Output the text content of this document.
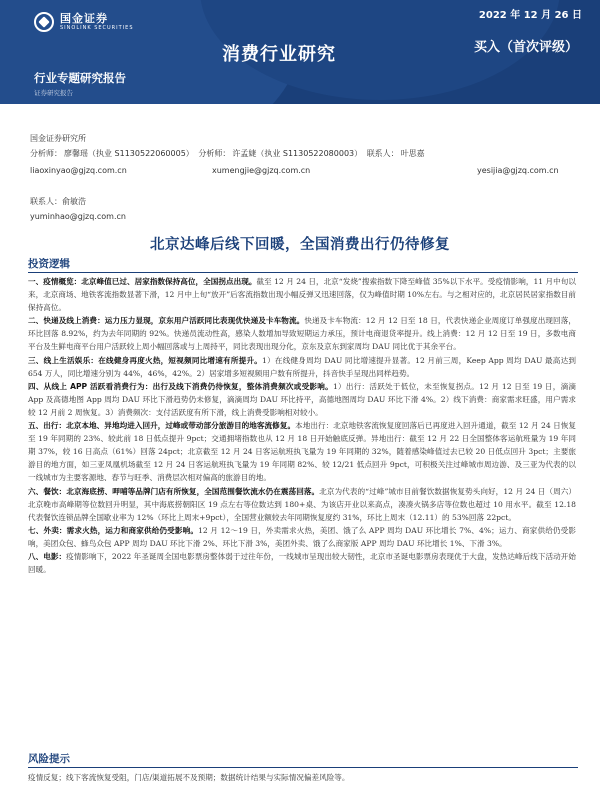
国金证券
SINOLINK SECURITIES
2022 年 12 月 26 日
消费行业研究	买入（首次评级）
行业专题研究报告
证券研究报告
国金证券研究所
分析师： 廖馨瑶（执业 S1130522060005） 分析师： 许孟婕（执业 S1130522080003） 联系人： 叶思嘉
liaoxinyao@gjzq.com.cn	xumengjie@gjzq.com.cn	yesijia@gjzq.com.cn
联系人：俞敏浩
yuminhao@gjzq.com.cn
北京达峰后线下回暖，全国消费出行仍待修复
投资逻辑

一、疫情概览：北京峰值已过、居家指数保持高位，全国拐点出现。截至 12 月 24 日，北京“发烧”搜索指数下降至峰值 35%以下水平。受疫情影响，11 月中旬以来，北京商场、地铁客流指数显著下滑，12 月中上旬“放开”后客流指数出现小幅反弹又迅速回落，仅为峰值时期 10%左右。与之相对应的，北京居民居家指数目前保持高位。

二、快递及线上消费：运力压力显现，京东用户活跃同比表现优快递及卡车物流。快递及卡车物流：12 月 12 日至 18 日，代表快递企业周度订单强度出现回落，环比回落 8.92%，约为去年同期的 92%。快递员流动性高，感染人数增加导致短期运力承压，预计电商退货率提升。线上消费：12 月 12 日至 19 日，多数电商平台及生鲜电商平台用户活跃较上周小幅回落或与上周持平，同比表现出现分化，京东及京东到家周均 DAU 同比优于其余平台。

三、线上生活娱乐：在线健身再度火热，短视频同比增速有所提升。1）在线健身周均 DAU 同比增速提升显著。12 月前三周，Keep App 周均 DAU 最高达到 654 万人，同比增速分别为 44%，46%，42%。2）居家增多短视频用户数有所提升，抖音快手呈现出同样趋势。

四、从线上 APP 活跃看消费行为：出行及线下消费仍待恢复，整体消费频次或受影响。1）出行：活跃处于低位，未至恢复拐点。12 月 12 日至 19 日，滴滴 App 及高德地图 App 周均 DAU 环比下滑趋势仍未修复，滴滴周均 DAU 环比持平，高德地图周均 DAU 环比下滑 4%。2）线下消费：商家需求旺盛，用户需求较 12 月前 2 周恢复。3）消费频次：支付活跃度有所下滑，线上消费受影响相对较小。

五、出行：北京本地、异地均进入回升，过峰或带动部分旅游目的地客流修复。本地出行：北京地铁客流恢复度回落后已再度进入回升通道，截至 12 月 24 日恢复至 19 年同期的 23%、较此前 18 日低点提升 9pct；交通拥堵指数也从 12 月 18 日开始触底反弹。异地出行：截至 12 月 22 日全国整体客运航班量为 19 年同期 37%，较 16 日高点（61%）回落 24pct；北京截至 12 月 24 日客运航班执飞量为 19 年同期的 32%，随着感染峰值过去已较 20 日低点回升 3pct；主要旅游目的地方面，如三亚凤凰机场截至 12 月 24 日客运航班执飞量为 19 年同期 82%、较 12/21 低点回升 9pct，可积极关注过峰城市周边游、及三亚为代表的以一线城市为主要客源地、春节与旺季、消费层次相对偏高的旅游目的地。

六、餐饮：北京海底捞、呷哺等品牌门店有所恢复，全国范围餐饮流水仍在震荡回落。北京为代表的“过峰”城市目前餐饮数据恢复势头向好，12 月 24 日（周六）北京晚市高峰期等位数回升明显，其中海底捞朝阳区 19 点左右等位数达到 180+桌、为该店开业以来高点，凑凑火锅多店等位数也超过 10 用水平。截至 12.18 代表餐饮连锁品牌全国歇业率为 12%（环比上周末+9pct），全国营业额较去年同期恢复度约 31%，环比上周末（12.11）的 53%回落 22pct。

七、外卖：需求火热，运力和商家供给仍受影响。12 月 12～19 日，外卖需求火热，美团、饿了么 APP 周均 DAU 环比增长 7%、4%；运力、商家供给仍受影响，美团众包、蜂鸟众包 APP 周均 DAU 环比下滑 2%、环比下滑 3%，美团外卖、饿了么商家版 APP 周均 DAU 环比增长 1%、下滑 3%。

八、电影：疫情影响下，2022 年圣诞周全国电影票房整体弱于过往年份，一线城市呈现出较大韧性，北京市圣诞电影票房表现优于大盘，发热达峰后线下活动开始回暖。

风险提示

疫情反复；线下客流恢复受阻，门店/渠道拓展不及预期；数据统计结果与实际情况偏差风险等。
